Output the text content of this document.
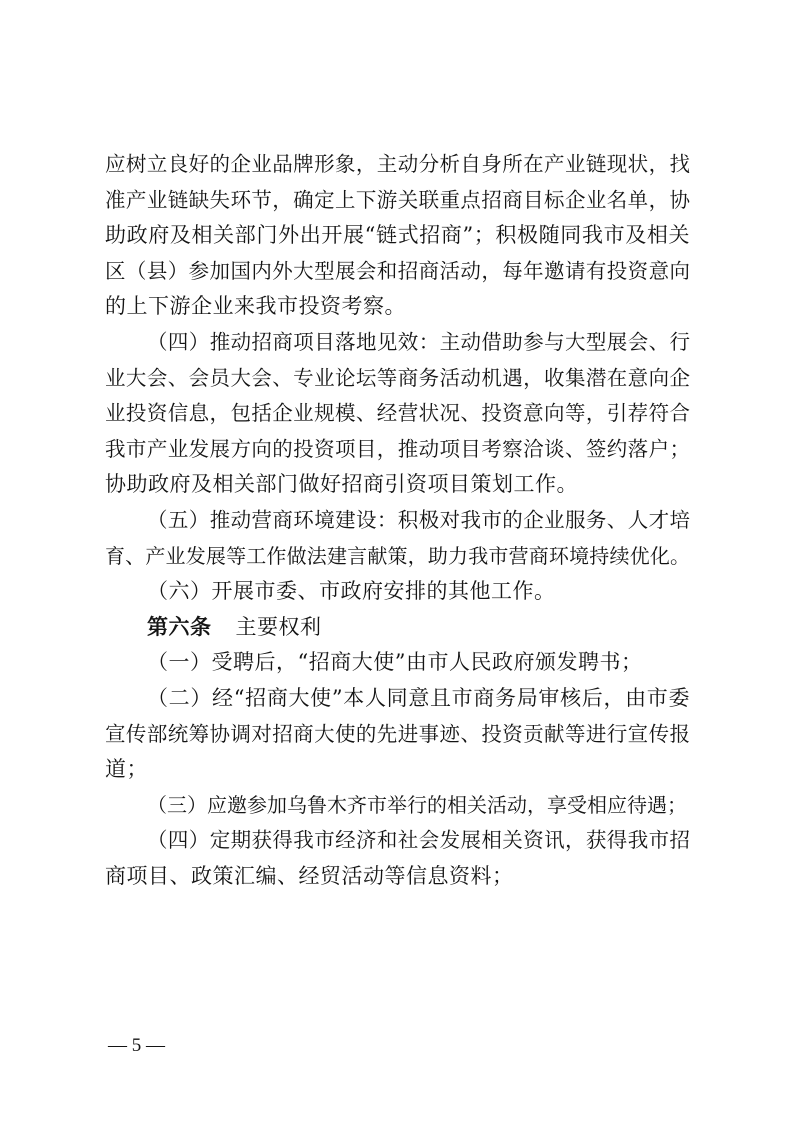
应树立良好的企业品牌形象，主动分析自身所在产业链现状，找
准产业链缺失环节，确定上下游关联重点招商目标企业名单，协
助政府及相关部门外出开展“链式招商”；积极随同我市及相关
区（县）参加国内外大型展会和招商活动，每年邀请有投资意向
的上下游企业来我市投资考察。
（四）推动招商项目落地见效：主动借助参与大型展会、行
业大会、会员大会、专业论坛等商务活动机遇，收集潜在意向企
业投资信息，包括企业规模、经营状况、投资意向等，引荐符合
我市产业发展方向的投资项目，推动项目考察洽谈、签约落户；
协助政府及相关部门做好招商引资项目策划工作。
（五）推动营商环境建设：积极对我市的企业服务、人才培
育、产业发展等工作做法建言献策，助力我市营商环境持续优化。
（六）开展市委、市政府安排的其他工作。
第六条 主要权利
（一）受聘后，“招商大使”由市人民政府颁发聘书；
（二）经“招商大使”本人同意且市商务局审核后，由市委
宣传部统筹协调对招商大使的先进事迹、投资贡献等进行宣传报
道；
（三）应邀参加乌鲁木齐市举行的相关活动，享受相应待遇；
（四）定期获得我市经济和社会发展相关资讯，获得我市招
商项目、政策汇编、经贸活动等信息资料；
— 5 —
